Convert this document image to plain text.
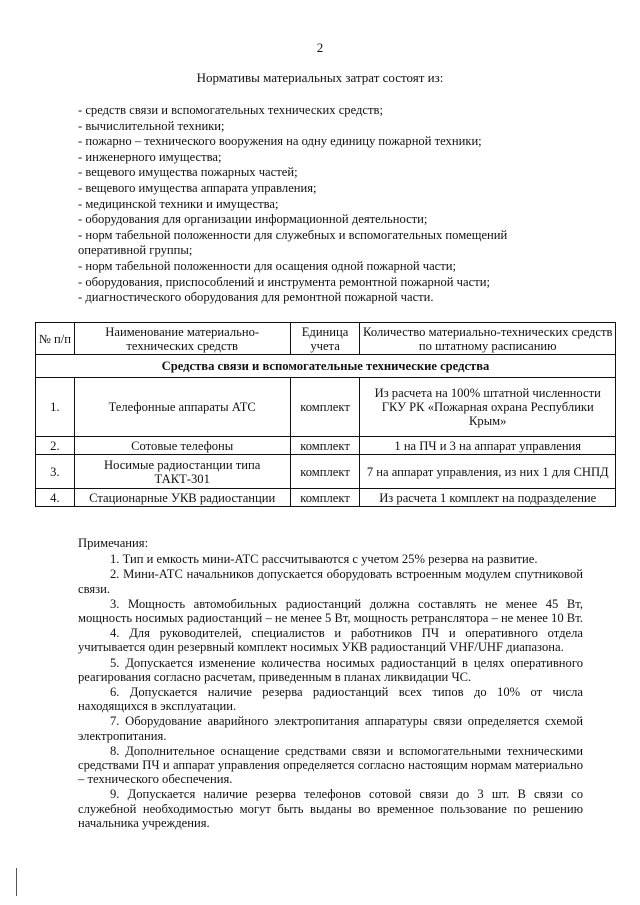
2
Нормативы материальных затрат состоят из:
- средств связи и вспомогательных технических средств;
- вычислительной техники;
- пожарно – технического вооружения на одну единицу пожарной техники;
- инженерного имущества;
- вещевого имущества пожарных частей;
- вещевого имущества аппарата управления;
- медицинской техники и имущества;
- оборудования для организации информационной деятельности;
- норм табельной положенности для служебных и вспомогательных помещений оперативной группы;
- норм табельной положенности для осащения одной пожарной части;
- оборудования, приспособлений и инструмента ремонтной пожарной части;
- диагностического оборудования для ремонтной пожарной части.
№ п/п	Наименование материально-технических средств	Единица учета	Количество материально-технических средств по штатному расписанию
Средства связи и вспомогательные технические средства			
1.	Телефонные аппараты АТС	комплект	Из расчета на 100% штатной численности ГКУ РК «Пожарная охрана Республики Крым»
2.	Сотовые телефоны	комплект	1 на ПЧ и 3 на аппарат управления
3.	Носимые радиостанции типа ТАКТ-301	комплект	7 на аппарат управления, из них 1 для СНПД
4.	Стационарные УКВ радиостанции	комплект	Из расчета 1 комплект на подразделение

Примечания:

1. Тип и емкость мини-АТС рассчитываются с учетом 25% резерва на развитие.

2. Мини-АТС начальников допускается оборудовать встроенным модулем спутниковой связи.

3. Мощность автомобильных радиостанций должна составлять не менее 45 Вт, мощность носимых радиостанций – не менее 5 Вт, мощность ретранслятора – не менее 10 Вт.

4. Для руководителей, специалистов и работников ПЧ и оперативного отдела учитывается один резервный комплект носимых УКВ радиостанций VHF/UHF диапазона.

5. Допускается изменение количества носимых радиостанций в целях оперативного реагирования согласно расчетам, приведенным в планах ликвидации ЧС.

6. Допускается наличие резерва радиостанций всех типов до 10% от числа находящихся в эксплуатации.

7. Оборудование аварийного электропитания аппаратуры связи определяется схемой электропитания.

8. Дополнительное оснащение средствами связи и вспомогательными техническими средствами ПЧ и аппарат управления определяется согласно настоящим нормам материально – технического обеспечения.

9. Допускается наличие резерва телефонов сотовой связи до 3 шт. В связи со служебной необходимостью могут быть выданы во временное пользование по решению начальника учреждения.
